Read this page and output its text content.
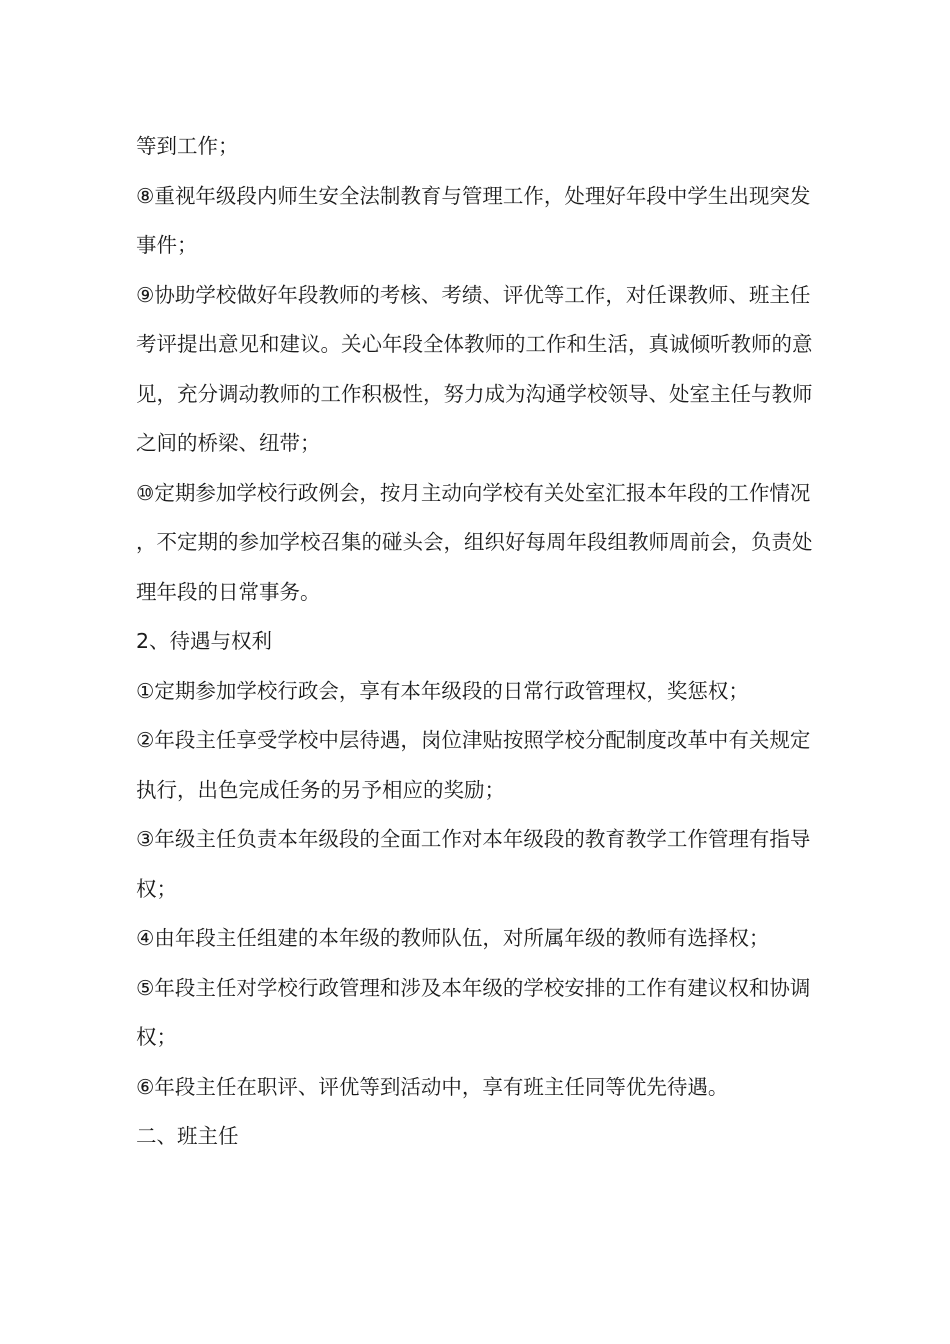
等到工作；

⑧重视年级段内师生安全法制教育与管理工作，处理好年段中学生出现突发事件；

⑨协助学校做好年段教师的考核、考绩、评优等工作，对任课教师、班主任考评提出意见和建议。关心年段全体教师的工作和生活，真诚倾听教师的意见，充分调动教师的工作积极性，努力成为沟通学校领导、处室主任与教师之间的桥梁、纽带；

⑩定期参加学校行政例会，按月主动向学校有关处室汇报本年段的工作情况，不定期的参加学校召集的碰头会，组织好每周年段组教师周前会，负责处理年段的日常事务。

2、待遇与权利

①定期参加学校行政会，享有本年级段的日常行政管理权，奖惩权；

②年段主任享受学校中层待遇，岗位津贴按照学校分配制度改革中有关规定执行，出色完成任务的另予相应的奖励；

③年级主任负责本年级段的全面工作对本年级段的教育教学工作管理有指导权；

④由年段主任组建的本年级的教师队伍，对所属年级的教师有选择权；

⑤年段主任对学校行政管理和涉及本年级的学校安排的工作有建议权和协调权；

⑥年段主任在职评、评优等到活动中，享有班主任同等优先待遇。

二、班主任
